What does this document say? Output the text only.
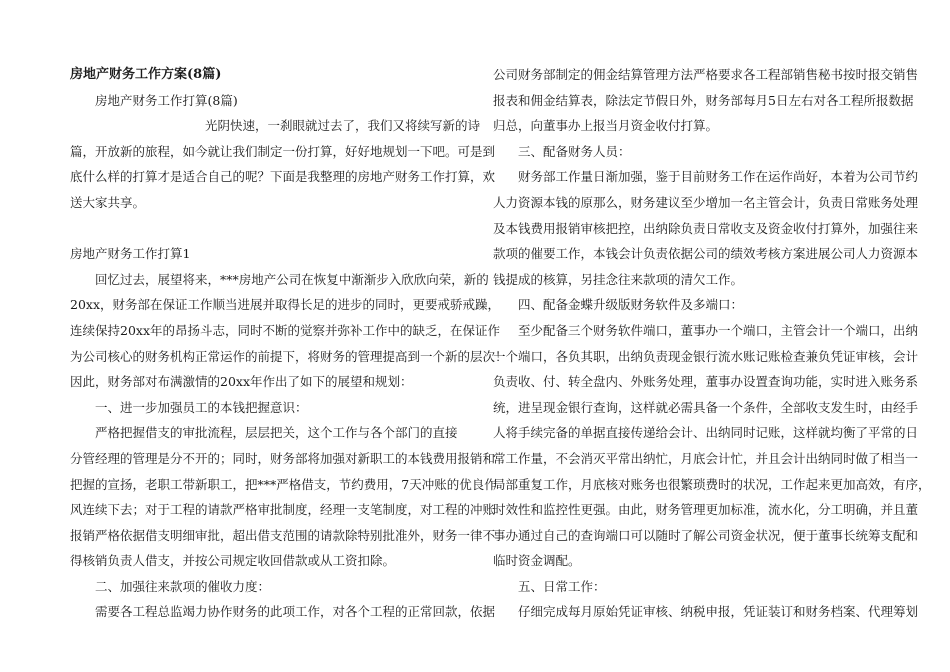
房地产财务工作方案(8篇)
房地产财务工作打算(8篇)
光阴快速，一刹眼就过去了，我们又将续写新的诗
篇，开放新的旅程，如今就让我们制定一份打算，好好地规划一下吧。可是到
底什么样的打算才是适合自己的呢？下面是我整理的房地产财务工作打算，欢
送大家共享。
房地产财务工作打算1
回忆过去，展望将来，***房地产公司在恢复中渐渐步入欣欣向荣，新的
20xx，财务部在保证工作顺当进展并取得长足的进步的同时，更要戒骄戒躁，
连续保持20xx年的昂扬斗志，同时不断的觉察并弥补工作中的缺乏，在保证作
为公司核心的财务机构正常运作的前提下，将财务的管理提高到一个新的层次！
因此，财务部对布满激情的20xx年作出了如下的展望和规划：
一、进一步加强员工的本钱把握意识：
严格把握借支的审批流程，层层把关，这个工作与各个部门的直接
分管经理的管理是分不开的；同时，财务部将加强对新职工的本钱费用报销和
把握的宣扬，老职工带新职工，把***严格借支，节约费用，7天冲账的优良作
风连续下去；对于工程的请款严格审批制度，经理一支笔制度，对工程的冲账
报销严格依据借支明细审批，超出借支范围的请款除特别批准外，财务一律不
得核销负责人借支，并按公司规定收回借款或从工资扣除。
二、加强往来款项的催收力度：
需要各工程总监竭力协作财务的此项工作，对各个工程的正常回款，依据
公司财务部制定的佣金结算管理方法严格要求各工程部销售秘书按时报交销售
报表和佣金结算表，除法定节假日外，财务部每月5日左右对各工程所报数据
归总，向董事办上报当月资金收付打算。
三、配备财务人员：
财务部工作量日渐加强，鉴于目前财务工作在运作尚好，本着为公司节约
人力资源本钱的原那么，财务建议至少增加一名主管会计，负责日常账务处理
及本钱费用报销审核把控，出纳除负责日常收支及资金收付打算外，加强往来
款项的催要工作，本钱会计负责依据公司的绩效考核方案进展公司人力资源本
钱提成的核算，另挂念往来款项的清欠工作。
四、配备金蝶升级版财务软件及多端口：
至少配备三个财务软件端口，董事办一个端口，主管会计一个端口，出纳
一个端口，各负其职，出纳负责现金银行流水账记账检查兼负凭证审核，会计
负责收、付、转全盘内、外账务处理，董事办设置查询功能，实时进入账务系
统，进呈现金银行查询，这样就必需具备一个条件，全部收支发生时，由经手
人将手续完备的单据直接传递给会计、出纳同时记账，这样就均衡了平常的日
常工作量，不会消灭平常出纳忙，月底会计忙，并且会计出纳同时做了相当一
局部重复工作，月底核对账务也很繁琐费时的状况，工作起来更加高效，有序，
时效性和监控性更强。由此，财务管理更加标准，流水化，分工明确，并且董
事办通过自己的查询端口可以随时了解公司资金状况，便于董事长统筹支配和
临时资金调配。
五、日常工作：
仔细完成每月原始凭证审核、纳税申报，凭证装订和财务档案、代理筹划
